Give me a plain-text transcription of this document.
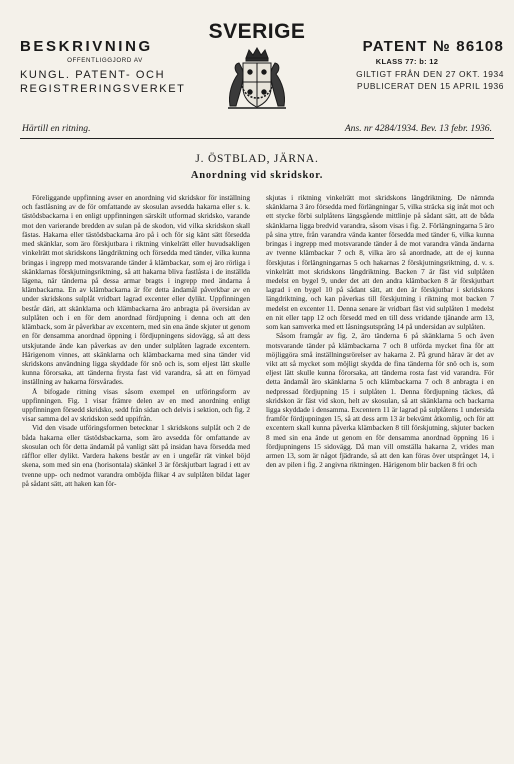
BESKRIVNING
OFFENTLIGGJORD AV
KUNGL. PATENT- OCH
REGISTRERINGSVERKET
SVERIGE
PATENT № 86108
KLASS 77: b: 12
GILTIGT FRÅN DEN 27 OKT. 1934
PUBLICERAT DEN 15 APRIL 1936
Härtill en ritning.	Ans. nr 4284/1934. Bev. 13 febr. 1936.
J. ÖSTBLAD, JÄRNA.
Anordning vid skridskor.

Föreliggande uppfinning avser en anordning vid skridskor för inställning och fastlåsning av de för omfattande av skosulan avsedda hakarna eller s. k. tästödsbackarna i en enligt uppfinningen särskilt utformad skridsko, varande mot den varierande bredden av sulan på de skodon, vid vilka skridskon skall fästas. Hakarna eller tästödsbackarna äro på i och för sig känt sätt försedda med skänklar, som äro förskjutbara i riktning vinkelrätt eller huvudsakligen vinkelrätt mot skridskons längdriktning och försedda med tänder, vilka kunna bringas i ingrepp med motsvarande tänder å klämbackar, som ej äro rörliga i skänklarnas förskjutningsriktning, så att hakarna bliva fastlåsta i de inställda lägena, när tänderna på dessa armar bragts i ingrepp med ändarna å klämbackarna. En av klämbackarna är för detta ändamål påverkbar av en under skridskons sulplåt vridbart lagrad excenter eller dylikt. Uppfinningen består däri, att skänklarna och klämbackarna äro anbragta på översidan av sulplåten och i en för dem anordnad fördjupning i denna och att den klämback, som är påverkbar av excentern, med sin ena ände skjuter ut genom en för densamma anordnad öppning i fördjupningens sidovägg, så att dess utskjutande ände kan påverkas av den under sulplåten lagrade excentern. Härigenom vinnes, att skänklarna och klämbackarna med sina tänder vid skridskons användning ligga skyddade för snö och is, som eljest lätt skulle kunna förorsaka, att tänderna frysta fast vid varandra, så att en förnyad inställning av hakarna försvårades.

Å bifogade ritning visas såsom exempel en utföringsform av uppfinningen. Fig. 1 visar främre delen av en med anordning enligt uppfinningen försedd skridsko, sedd från sidan och delvis i sektion, och fig. 2 visar samma del av skridskon sedd uppifrån.

Vid den visade utföringsformen betecknar 1 skridskons sulplåt och 2 de båda hakarna eller tästödsbackarna, som äro avsedda för omfattande av skosulan och för detta ändamål på vanligt sätt på insidan hava försedda med räfflor eller dylikt. Vardera hakens består av en i ungefär rät vinkel böjd skena, som med sin ena (horisontala) skänkel 3 är förskjutbart lagrad i ett av tvenne upp- och nedmot varandra omböjda flikar 4 av sulplåten bildat lager på sådant sätt, att haken kan för-

skjutas i riktning vinkelrätt mot skridskons längdriktning. De nämnda skänklarna 3 äro försedda med förlängningar 5, vilka sträcka sig inåt mot och ett stycke förbi sulplåtens längsgående mittlinje på sådant sätt, att de båda skänklarna ligga bredvid varandra, såsom visas i fig. 2. Förlängningarna 5 äro på sina yttre, från varandra vända kanter försedda med tänder 6, vilka kunna bringas i ingrepp med motsvarande tänder å de mot varandra vända ändarna av tvenne klämbackar 7 och 8, vilka äro så anordnade, att de ej kunna förskjutas i förlängningarnas 5 och hakarnas 2 förskjutningsriktning, d. v. s. vinkelrätt mot skridskons längdriktning. Backen 7 är fäst vid sulplåten medelst en bygel 9, under det att den andra klämbacken 8 är förskjutbart lagrad i en bygel 10 på sådant sätt, att den är förskjutbar i skridskons längdriktning, och kan påverkas till förskjutning i riktning mot backen 7 medelst en excenter 11. Denna senare är vridbart fäst vid sulplåten 1 medelst en nit eller tapp 12 och försedd med en till dess vridande tjänande arm 13, som kan samverka med ett låsningsutsprång 14 på undersidan av sulplåten.

Såsom framgår av fig. 2, äro tänderna 6 på skänklarna 5 och även motsvarande tänder på klämbackarna 7 och 8 utförda mycket fina för att möjliggöra små inställningsrörelser av hakarna 2. På grund härav är det av vikt att så mycket som möjligt skydda de fina tänderna för snö och is, som eljest lätt skulle kunna förorsaka, att tänderna rosta fast vid varandra. För detta ändamål äro skänklarna 5 och klämbackarna 7 och 8 anbragta i en nedpressad fördjupning 15 i sulplåten 1. Denna fördjupning täckes, då skridskon är fäst vid skon, helt av skosulan, så att skänklarna och backarna ligga skyddade i densamma. Excentern 11 är lagrad på sulplåtens 1 undersida framför fördjupningen 15, så att dess arm 13 är bekvämt åtkomlig, och för att excentern skall kunna påverka klämbacken 8 till förskjutning, skjuter backen 8 med sin ena ände ut genom en för densamma anordnad öppning 16 i fördjupningens 15 sidovägg. Då man vill omställa hakarna 2, vrides man armen 13, som är något fjädrande, så att den kan föras över utsprånget 14, i den av pilen i fig. 2 angivna riktningen. Härigenom blir backen 8 fri och
